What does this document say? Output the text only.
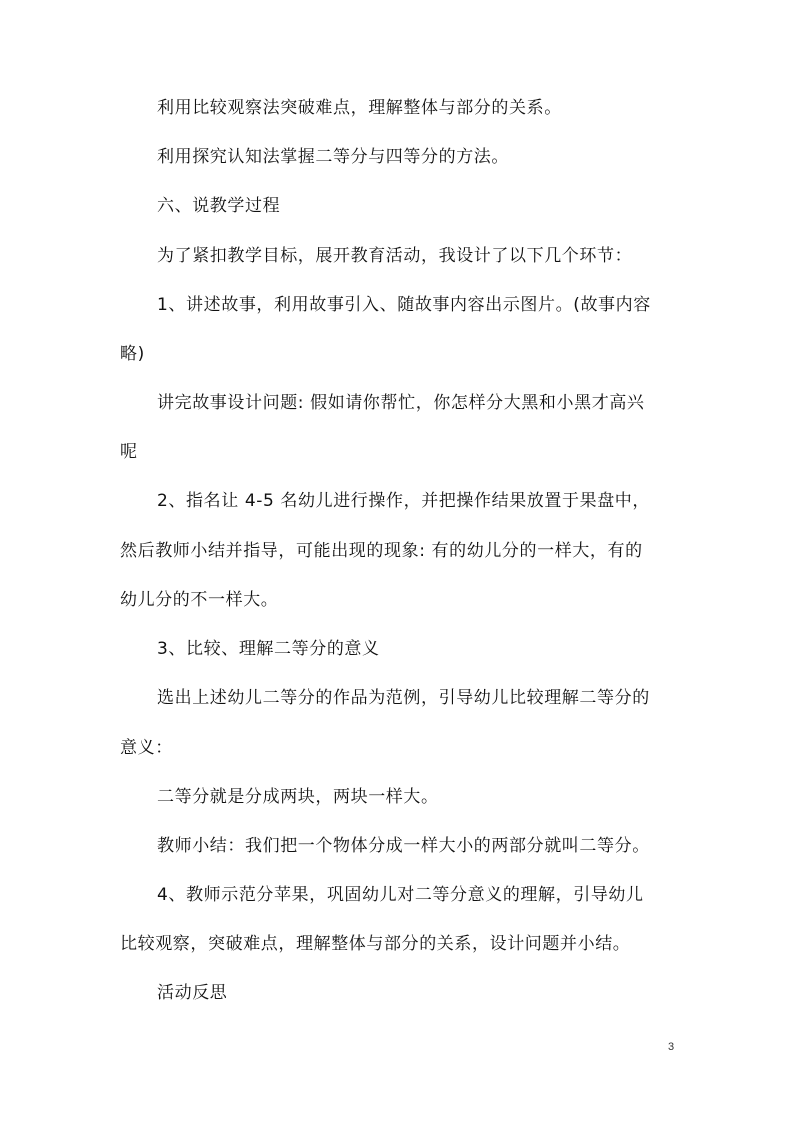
利用比较观察法突破难点，理解整体与部分的关系。
利用探究认知法掌握二等分与四等分的方法。
六、说教学过程
为了紧扣教学目标，展开教育活动，我设计了以下几个环节：
1、讲述故事，利用故事引入、随故事内容出示图片。(故事内容
略)
讲完故事设计问题: 假如请你帮忙，你怎样分大黑和小黑才高兴
呢
2、指名让 4-5 名幼儿进行操作，并把操作结果放置于果盘中，
然后教师小结并指导，可能出现的现象: 有的幼儿分的一样大，有的
幼儿分的不一样大。
3、比较、理解二等分的意义
选出上述幼儿二等分的作品为范例，引导幼儿比较理解二等分的
意义：
二等分就是分成两块，两块一样大。
教师小结：我们把一个物体分成一样大小的两部分就叫二等分。
4、教师示范分苹果，巩固幼儿对二等分意义的理解，引导幼儿
比较观察，突破难点，理解整体与部分的关系，设计问题并小结。
活动反思
3
